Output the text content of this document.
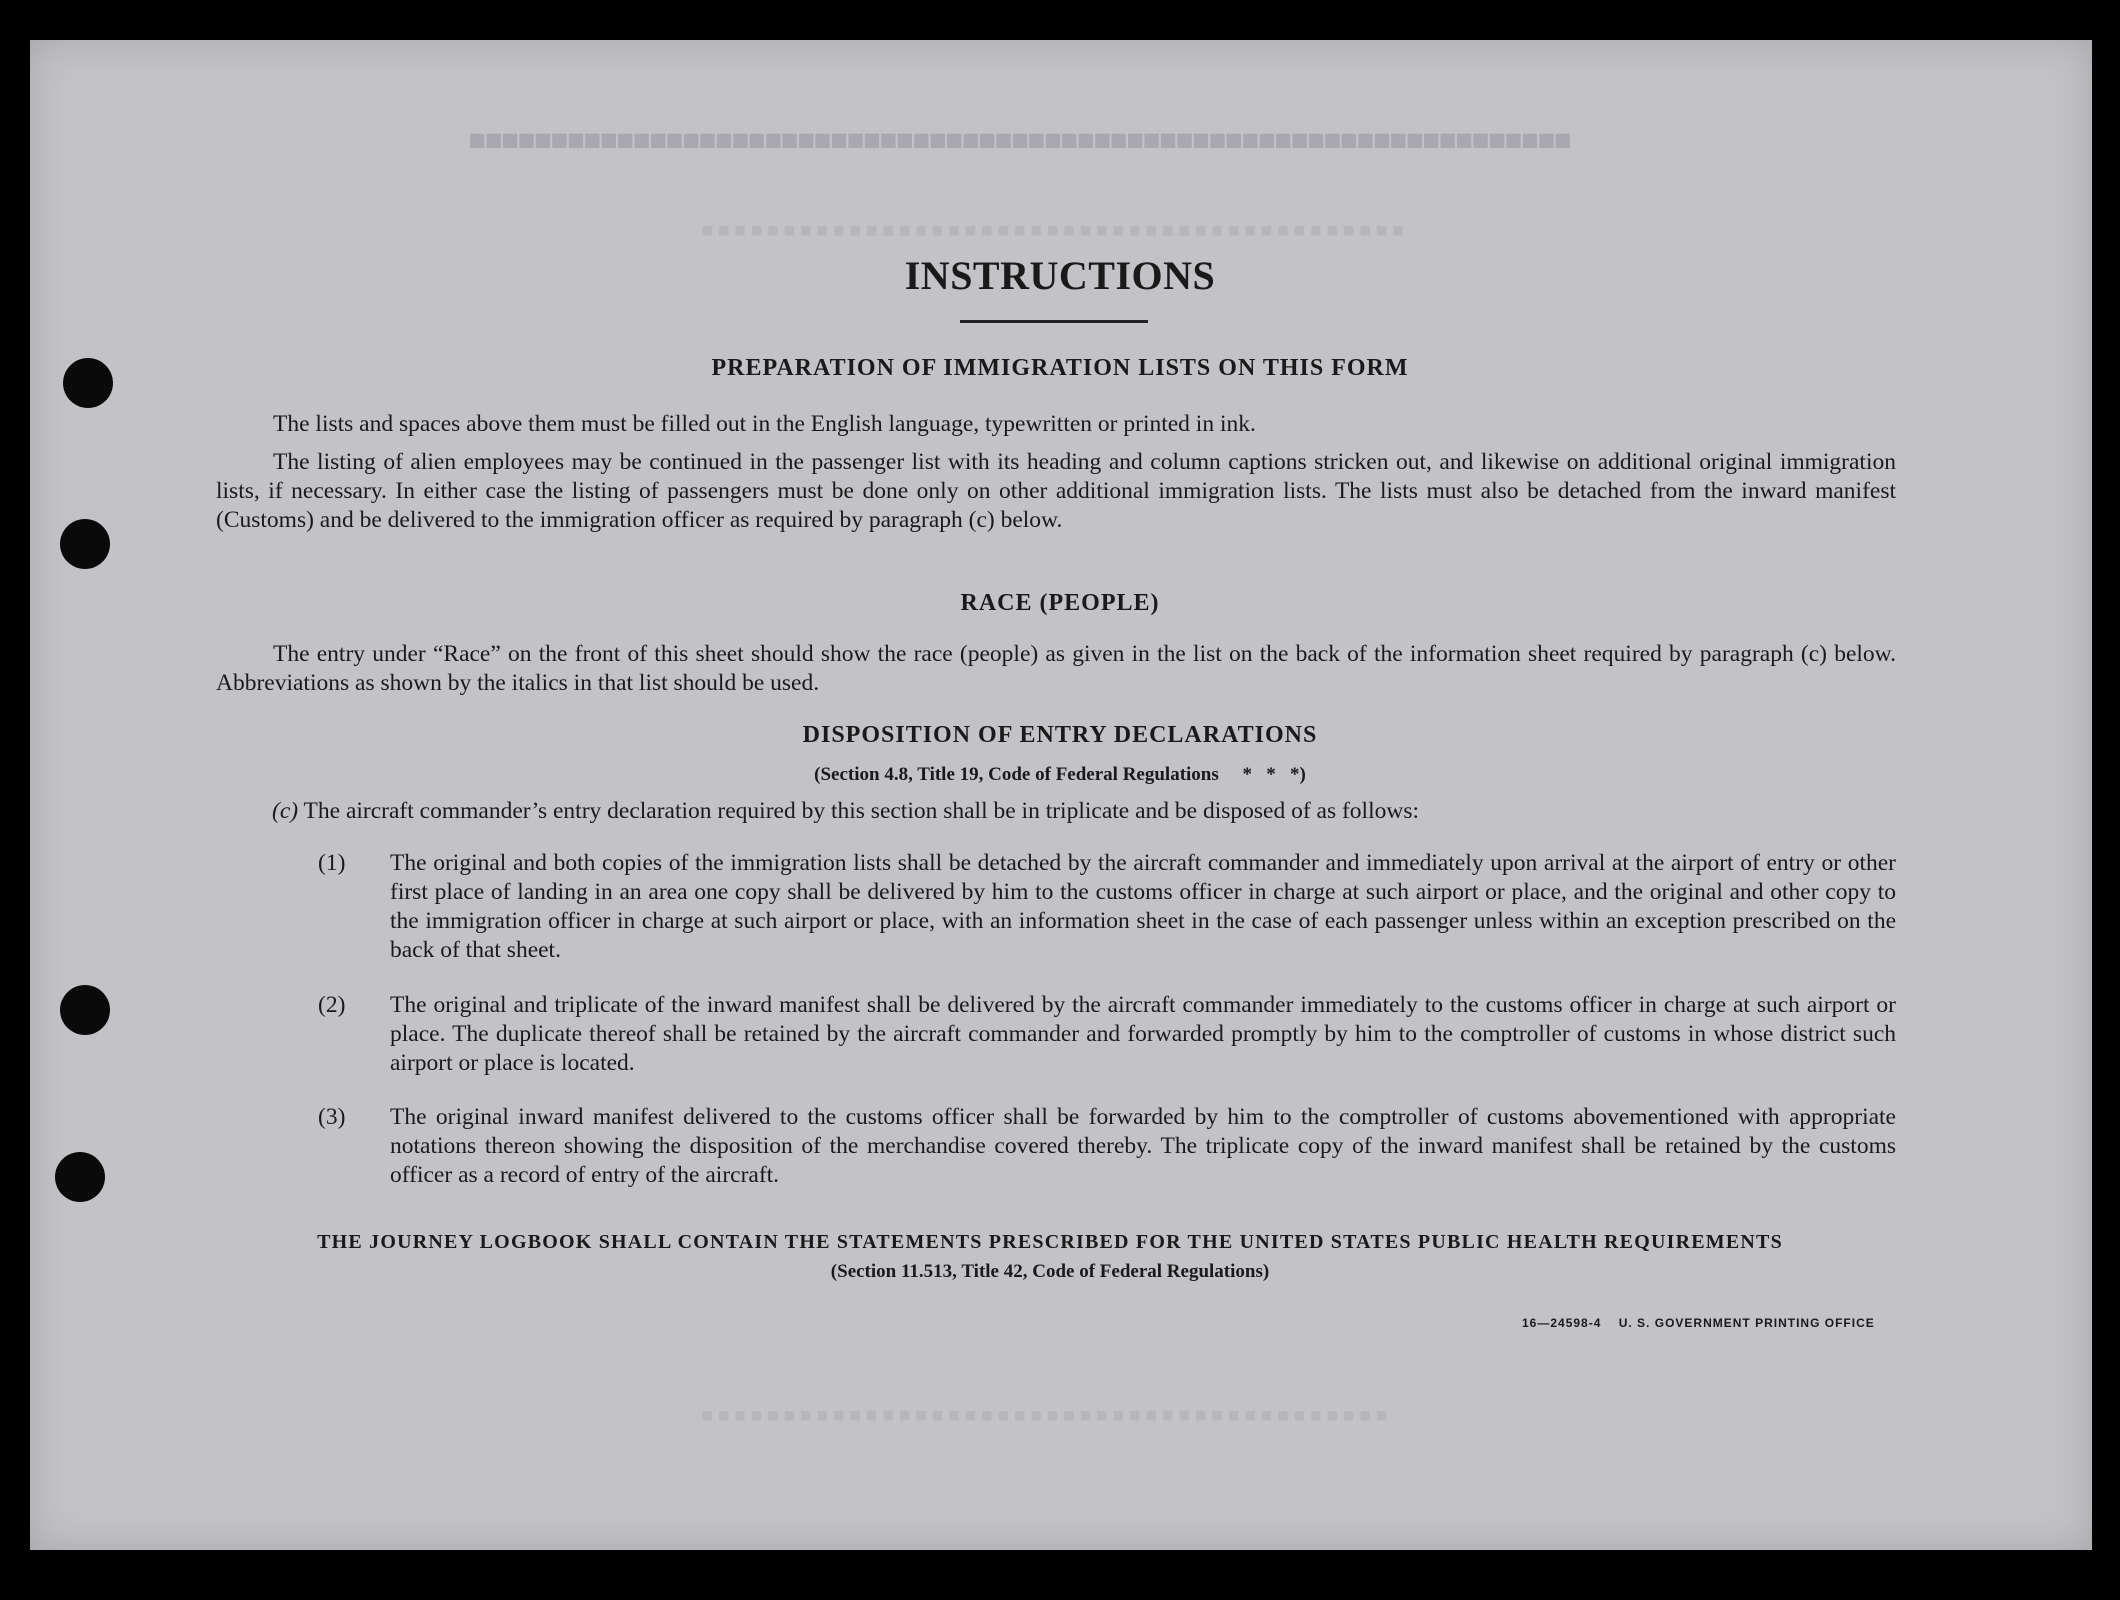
■■■■■■■■■■■■■■■■■■■■■■■■■■■■■■■■■■■■■■■■■■■■■■■■■■■■■■■■■■■■■■■■■■■
▪▪▪▪▪▪▪▪▪▪▪▪▪▪▪▪▪▪▪▪▪▪▪▪▪▪▪▪▪▪▪▪▪▪▪▪▪▪▪▪▪▪▪
▪▪▪▪▪▪▪▪▪▪▪▪▪▪▪▪▪▪▪▪▪▪▪▪▪▪▪▪▪▪▪▪▪▪▪▪▪▪▪▪▪▪
INSTRUCTIONS
PREPARATION OF IMMIGRATION LISTS ON THIS FORM

The lists and spaces above them must be filled out in the English language, typewritten or printed in ink.

The listing of alien employees may be continued in the passenger list with its heading and column captions stricken out, and likewise on additional original immigration lists, if necessary. In either case the listing of passengers must be done only on other additional immigration lists. The lists must also be detached from the inward manifest (Customs) and be delivered to the immigration officer as required by paragraph (c) below.

RACE (PEOPLE)

The entry under “Race” on the front of this sheet should show the race (people) as given in the list on the back of the information sheet required by paragraph (c) below. Abbreviations as shown by the italics in that list should be used.

DISPOSITION OF ENTRY DECLARATIONS
(Section 4.8, Title 19, Code of Federal Regulations     *   *   *)
(c) The aircraft commander’s entry declaration required by this section shall be in triplicate and be disposed of as follows:
(1) The original and both copies of the immigration lists shall be detached by the aircraft commander and immediately upon arrival at the airport of entry or other first place of landing in an area one copy shall be delivered by him to the customs officer in charge at such airport or place, and the original and other copy to the immigration officer in charge at such airport or place, with an information sheet in the case of each passenger unless within an exception prescribed on the back of that sheet.
(2) The original and triplicate of the inward manifest shall be delivered by the aircraft commander immediately to the customs officer in charge at such airport or place. The duplicate thereof shall be retained by the aircraft commander and forwarded promptly by him to the comptroller of customs in whose district such airport or place is located.
(3) The original inward manifest delivered to the customs officer shall be forwarded by him to the comptroller of customs abovementioned with appropriate notations thereon showing the disposition of the merchandise covered thereby. The triplicate copy of the inward manifest shall be retained by the customs officer as a record of entry of the aircraft.
THE JOURNEY LOGBOOK SHALL CONTAIN THE STATEMENTS PRESCRIBED FOR THE UNITED STATES PUBLIC HEALTH REQUIREMENTS
(Section 11.513, Title 42, Code of Federal Regulations)
16—24598-4    U. S. GOVERNMENT PRINTING OFFICE
